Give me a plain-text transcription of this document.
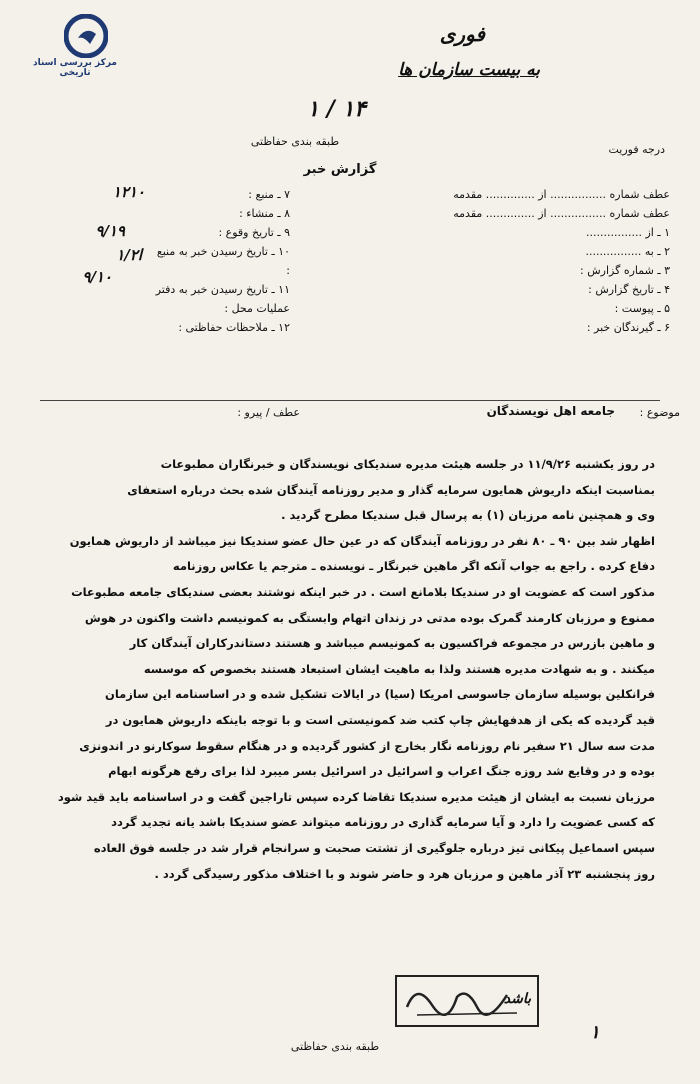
مرکز بررسی اسناد تاریخی
فوری
به بیست سازمان ها
۱۴ / ۱
طبقه بندی حفاظتی
درجه فوریت
گزارش خبر
۷ ـ منبع :
۸ ـ منشاء :
۹ ـ تاریخ وقوع :
۱۰ ـ تاریخ رسیدن خبر به منبع :
۱۱ ـ تاریخ رسیدن خبر به دفتر عملیات محل :
۱۲ ـ ملاحظات حفاظتی :
۱۲۱۰
۹/۱۹
۱/۲ا
۹/۱۰
عطف شماره ................ از .............. مقدمه
عطف شماره ................ از .............. مقدمه
۱ ـ از ................
۲ ـ به ................
۳ ـ شماره گزارش :
۴ ـ تاریخ گزارش :
۵ ـ پیوست :
۶ ـ گیرندگان خبر :
موضوع :
جامعه اهل نویسندگان
عطف / پیرو :

در روز یکشنبه ۱۱/۹/۲۶ در جلسه هیئت مدیره سندیکای نویسندگان و خبرنگاران مطبوعات

بمناسبت اینکه داریوش همایون سرمایه گذار و مدیر روزنامه آیندگان شده بحث درباره استعفای

وی و همچنین نامه مرزبان (۱) به پرسال قبل سندیکا مطرح گردید .

اظهار شد بین ۹۰ ـ ۸۰ نفر در روزنامه آیندگان که در عین حال عضو سندیکا نیز میباشد از داریوش همایون

دفاع کرده . راجع به جواب آنکه اگر ماهین خبرنگار ـ نویسنده ـ مترجم یا عکاس روزنامه

مذکور است که عضویت او در سندیکا بلامانع است . در خبر اینکه نوشتند بعضی سندیکای جامعه مطبوعات

ممنوع و مرزبان کارمند گمرک بوده مدتی در زندان اتهام وابستگی به کمونیسم داشت واکنون در هوش

و ماهین بازرس در مجموعه فراکسیون به کمونیسم میباشد و هستند دستاندرکاران آیندگان کار

میکنند . و به شهادت مدیره هستند ولذا به ماهیت ایشان استبعاد هستند بخصوص که موسسه

فرانکلین بوسیله سازمان جاسوسی امریکا (سیا) در ایالات تشکیل شده و در اساسنامه این سازمان

قید گردیده که یکی از هدفهایش چاپ کتب ضد کمونیستی است و با توجه باینکه داریوش همایون در

مدت سه سال ۲۱ سفیر نام روزنامه نگار بخارج از کشور گردیده و در هنگام سقوط سوکارنو در اندونزی

بوده و در وقایع شد روزه جنگ اعراب و اسرائیل در اسرائیل بسر میبرد لذا برای رفع هرگونه ابهام

مرزبان نسبت به ایشان از هیئت مدیره سندیکا تقاضا کرده سپس تاراجین گفت و در اساسنامه باید قید شود

که کسی عضویت را دارد و آیا سرمایه گذاری در روزنامه میتواند عضو سندیکا باشد یانه تجدید گردد

سپس اسماعیل پیکانی تیز درباره جلوگیری از تشتت صحبت و سرانجام قرار شد در جلسه فوق العاده

روز پنجشنبه ۲۳ آذر ماهین و مرزبان هرد و حاضر شوند و با اختلاف مذکور رسیدگی گردد .

باشد
طبقه بندی حفاظتی
۱
